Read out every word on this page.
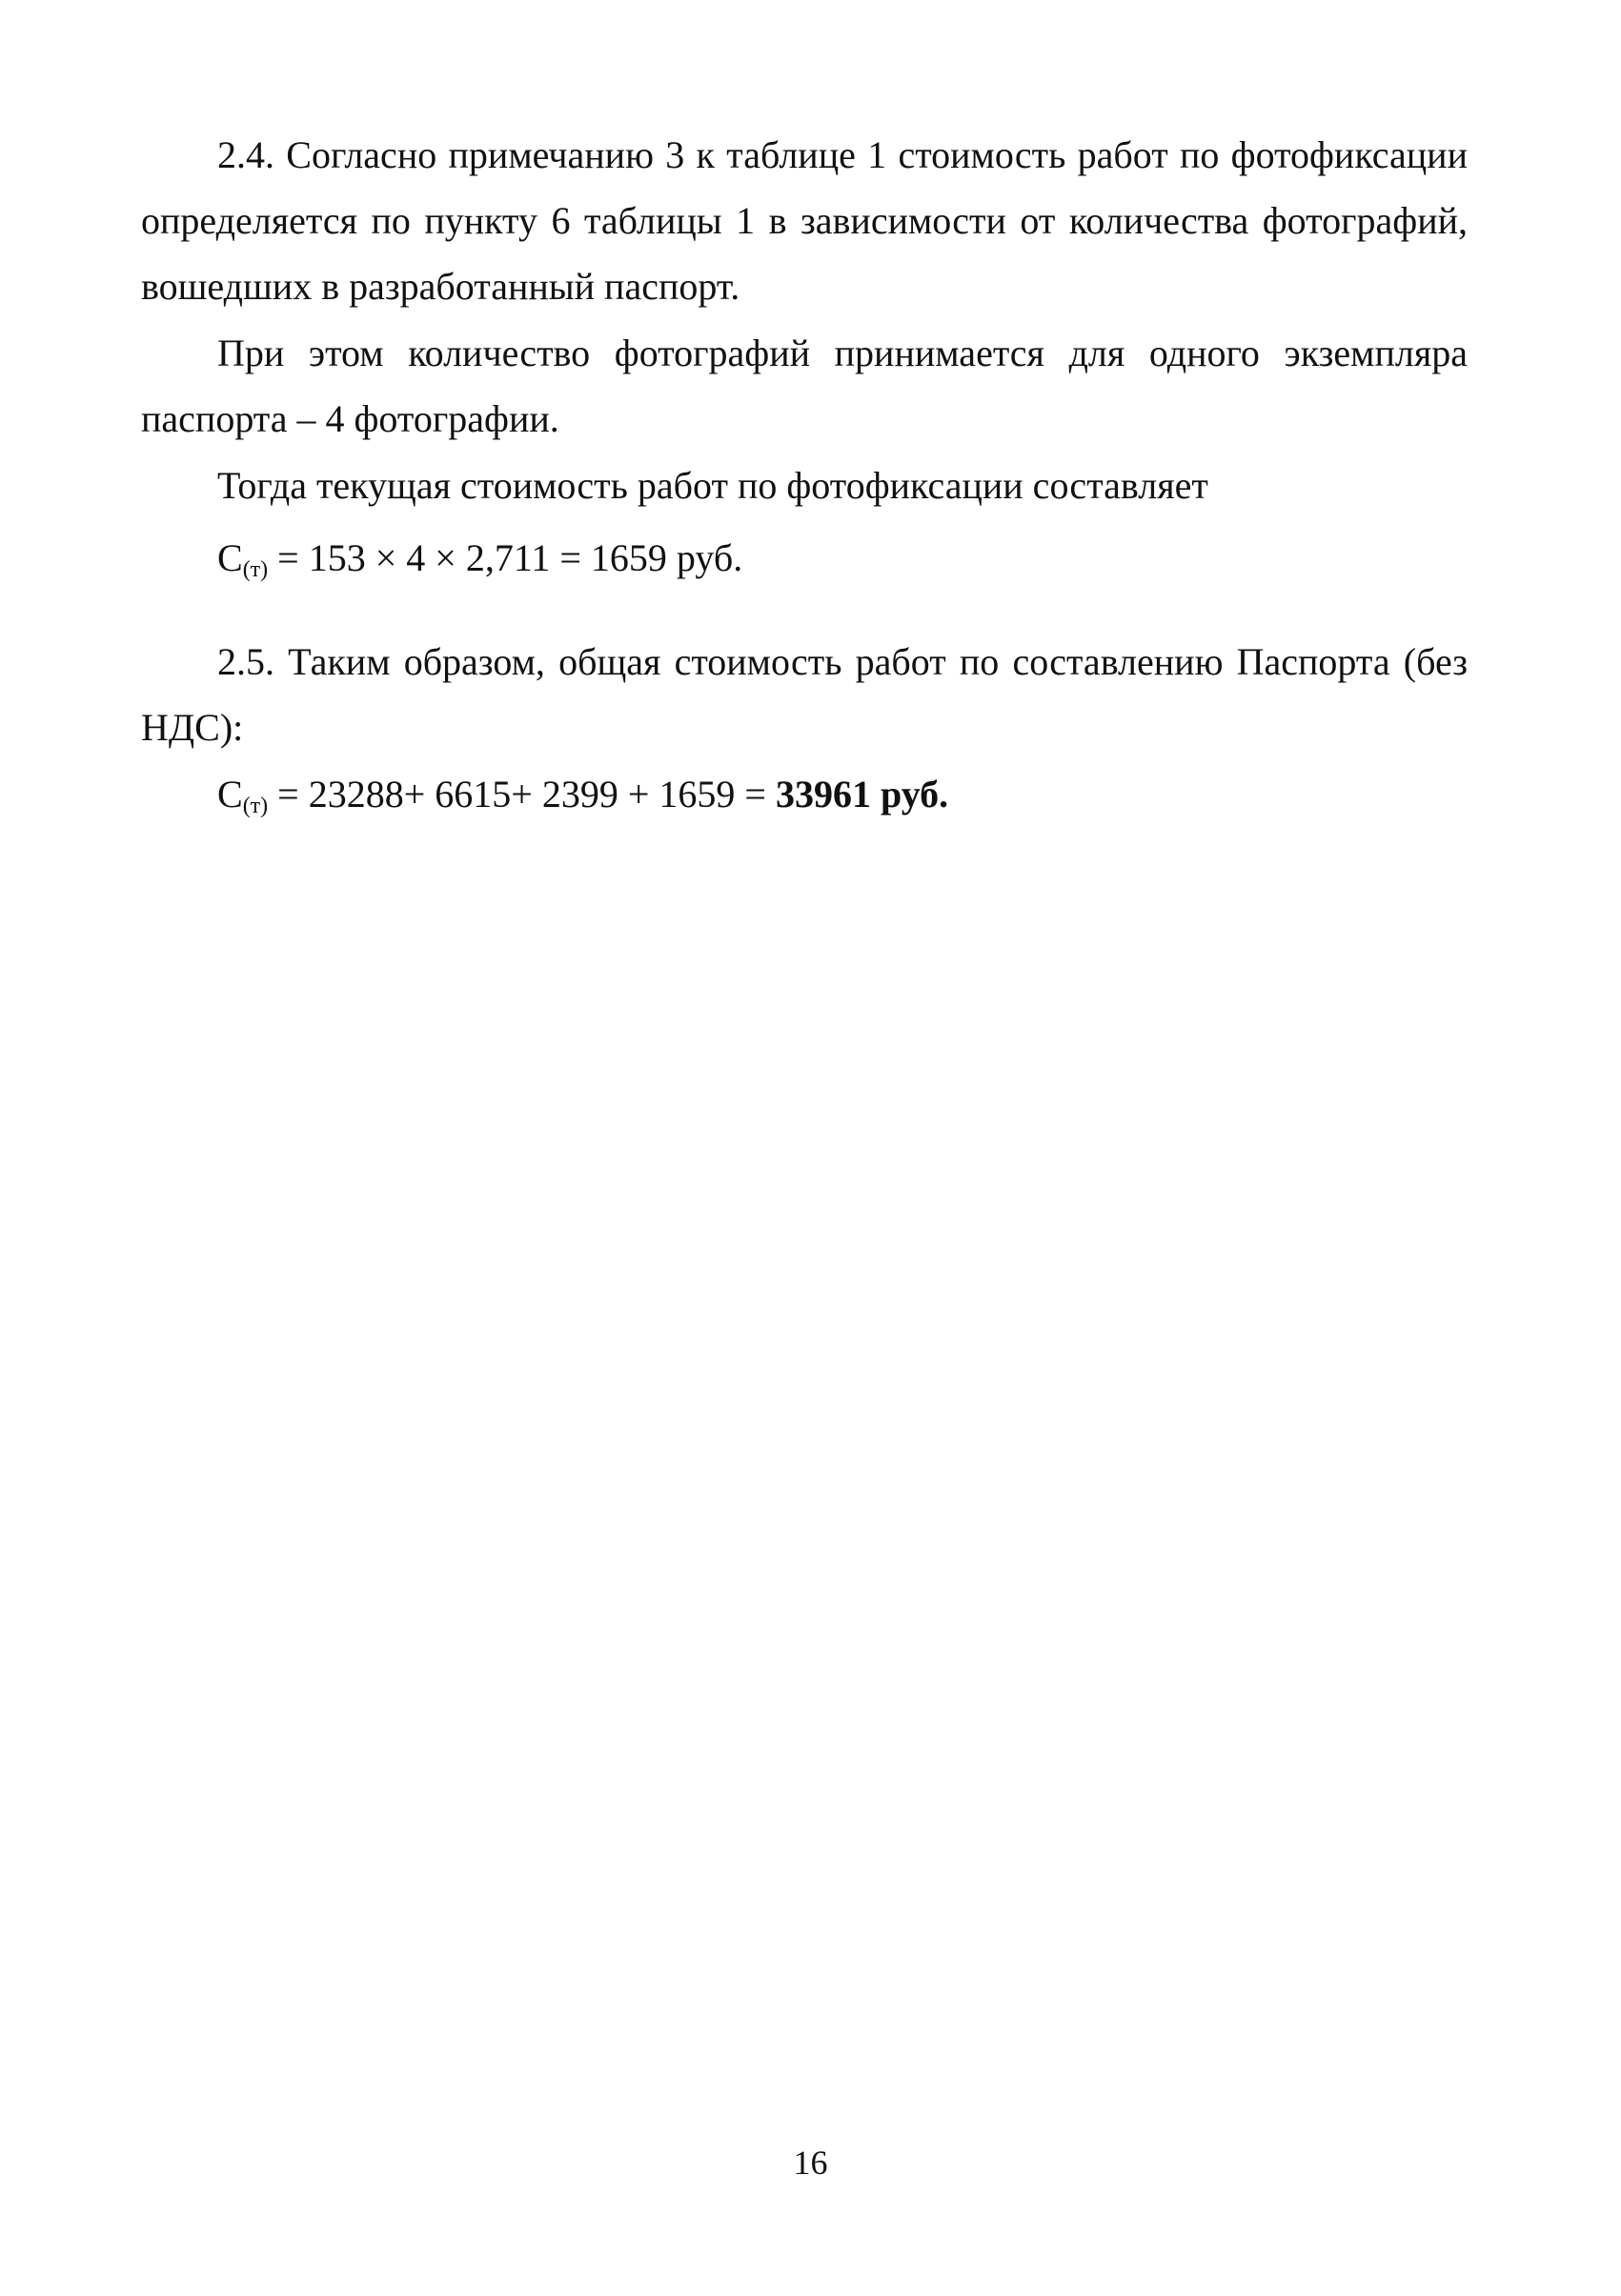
2.4. Согласно примечанию 3 к таблице 1 стоимость работ по фотофиксации определяется по пункту 6 таблицы 1 в зависимости от количества фотографий, вошедших в разработанный паспорт.

При этом количество фотографий принимается для одного экземпляра паспорта – 4 фотографии.

Тогда текущая стоимость работ по фотофиксации составляет

$С_{(т)} = 153 \times 4 \times 2,711 = 1659$ руб.

2.5. Таким образом, общая стоимость работ по составлению Паспорта (без НДС):

$С_{(т)} = 23288+ 6615+ 2399 + 1659 = 33961$ руб.

16
